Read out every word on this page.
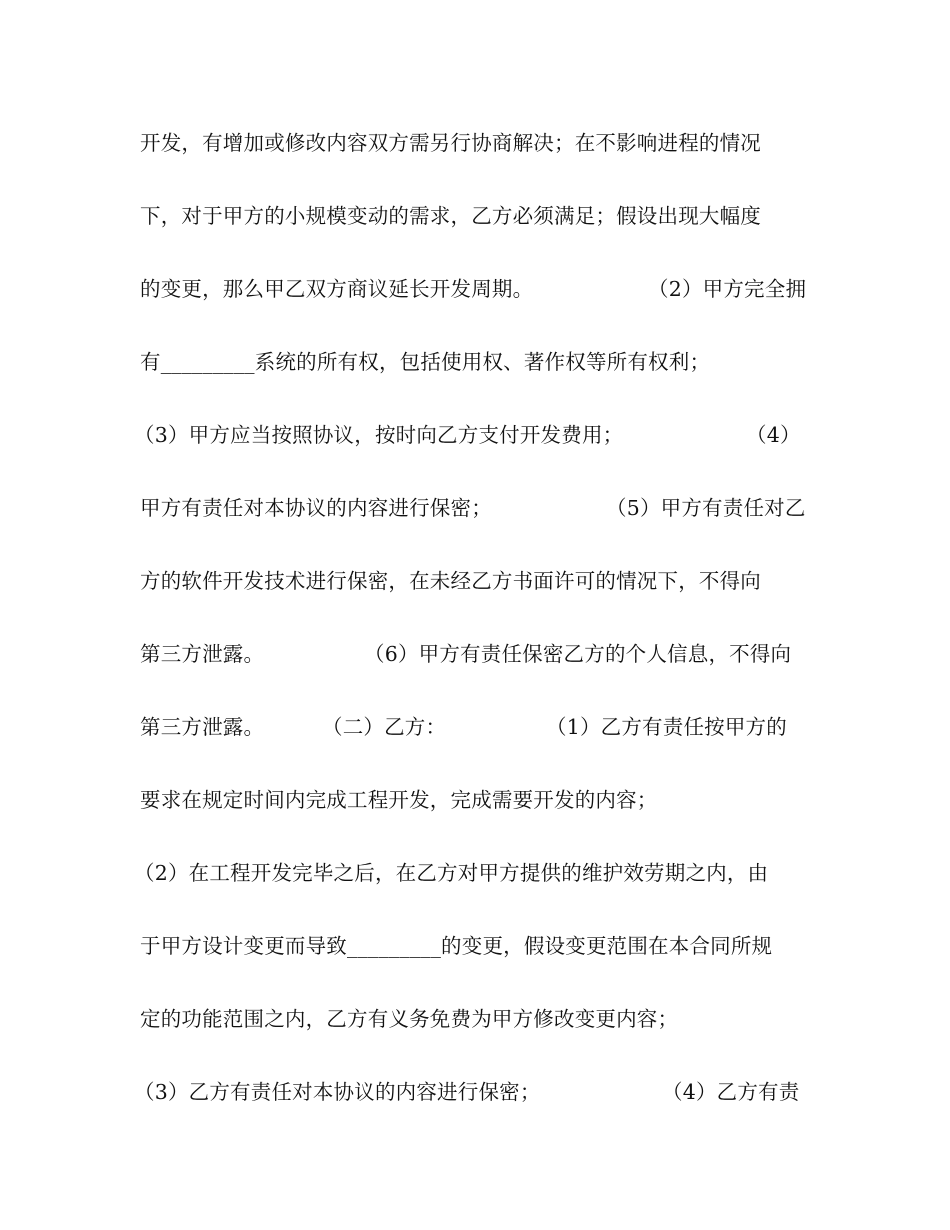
开发，有增加或修改内容双方需另行协商解决；在不影响进程的情况
下，对于甲方的小规模变动的需求，乙方必须满足；假设出现大幅度
的变更，那么甲乙双方商议延长开发周期。	（2）甲方完全拥
有_________系统的所有权，包括使用权、著作权等所有权利；
（3）甲方应当按照协议，按时向乙方支付开发费用；	（4）
甲方有责任对本协议的内容进行保密；	（5）甲方有责任对乙
方的软件开发技术进行保密，在未经乙方书面许可的情况下，不得向
第三方泄露。	（6）甲方有责任保密乙方的个人信息，不得向
第三方泄露。	（二）乙方：	（1）乙方有责任按甲方的
要求在规定时间内完成工程开发，完成需要开发的内容；
（2）在工程开发完毕之后，在乙方对甲方提供的维护效劳期之内，由
于甲方设计变更而导致_________的变更，假设变更范围在本合同所规
定的功能范围之内，乙方有义务免费为甲方修改变更内容；
（3）乙方有责任对本协议的内容进行保密；	（4）乙方有责
